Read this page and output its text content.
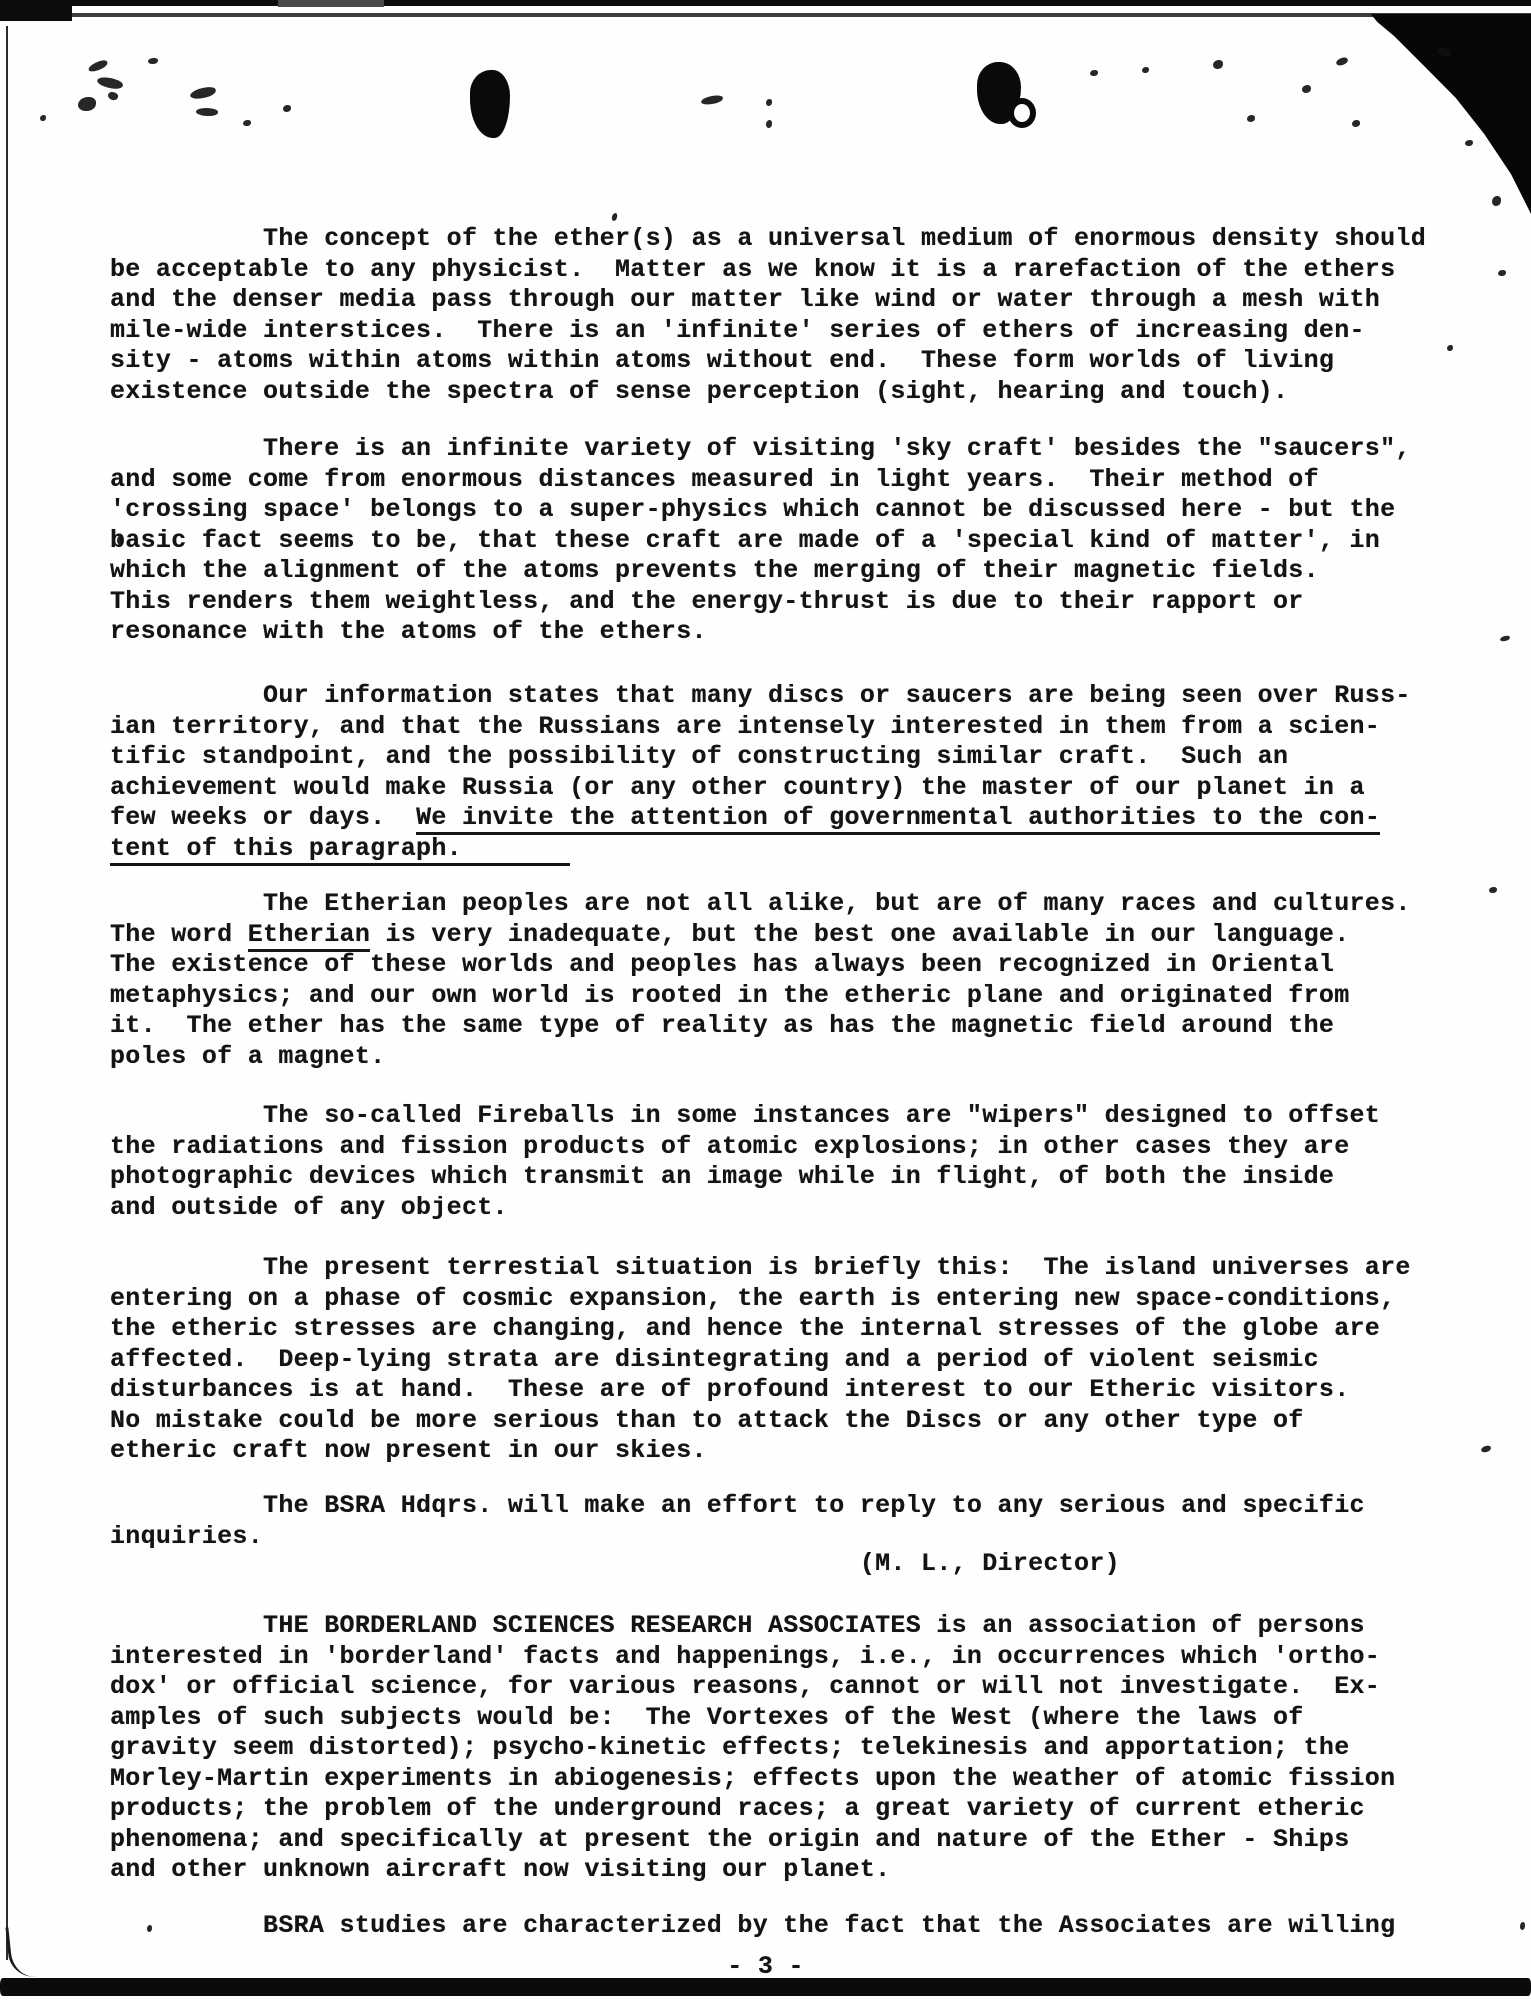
The concept of the ether(s) as a universal medium of enormous density should
be acceptable to any physicist.  Matter as we know it is a rarefaction of the ethers
and the denser media pass through our matter like wind or water through a mesh with
mile-wide interstices.  There is an 'infinite' series of ethers of increasing den-
sity - atoms within atoms within atoms without end.  These form worlds of living
existence outside the spectra of sense perception (sight, hearing and touch).
There is an infinite variety of visiting 'sky craft' besides the "saucers",
and some come from enormous distances measured in light years.  Their method of
'crossing space' belongs to a super-physics which cannot be discussed here - but the
basic fact seems to be, that these craft are made of a 'special kind of matter', in
which the alignment of the atoms prevents the merging of their magnetic fields.
This renders them weightless, and the energy-thrust is due to their rapport or
resonance with the atoms of the ethers.
Our information states that many discs or saucers are being seen over Russ-
ian territory, and that the Russians are intensely interested in them from a scien-
tific standpoint, and the possibility of constructing similar craft.  Such an
achievement would make Russia (or any other country) the master of our planet in a
few weeks or days.  We invite the attention of governmental authorities to the con-
tent of this paragraph.
The Etherian peoples are not all alike, but are of many races and cultures.
The word Etherian is very inadequate, but the best one available in our language.
The existence of these worlds and peoples has always been recognized in Oriental
metaphysics; and our own world is rooted in the etheric plane and originated from
it.  The ether has the same type of reality as has the magnetic field around the
poles of a magnet.
The so-called Fireballs in some instances are "wipers" designed to offset
the radiations and fission products of atomic explosions; in other cases they are
photographic devices which transmit an image while in flight, of both the inside
and outside of any object.
The present terrestial situation is briefly this:  The island universes are
entering on a phase of cosmic expansion, the earth is entering new space-conditions,
the etheric stresses are changing, and hence the internal stresses of the globe are
affected.  Deep-lying strata are disintegrating and a period of violent seismic
disturbances is at hand.  These are of profound interest to our Etheric visitors.
No mistake could be more serious than to attack the Discs or any other type of
etheric craft now present in our skies.
The BSRA Hdqrs. will make an effort to reply to any serious and specific
inquiries.
(M. L., Director)
THE BORDERLAND SCIENCES RESEARCH ASSOCIATES is an association of persons
interested in 'borderland' facts and happenings, i.e., in occurrences which 'ortho-
dox' or official science, for various reasons, cannot or will not investigate.  Ex-
amples of such subjects would be:  The Vortexes of the West (where the laws of
gravity seem distorted); psycho-kinetic effects; telekinesis and apportation; the
Morley-Martin experiments in abiogenesis; effects upon the weather of atomic fission
products; the problem of the underground races; a great variety of current etheric
phenomena; and specifically at present the origin and nature of the Ether - Ships
and other unknown aircraft now visiting our planet.
BSRA studies are characterized by the fact that the Associates are willing
- 3 -
